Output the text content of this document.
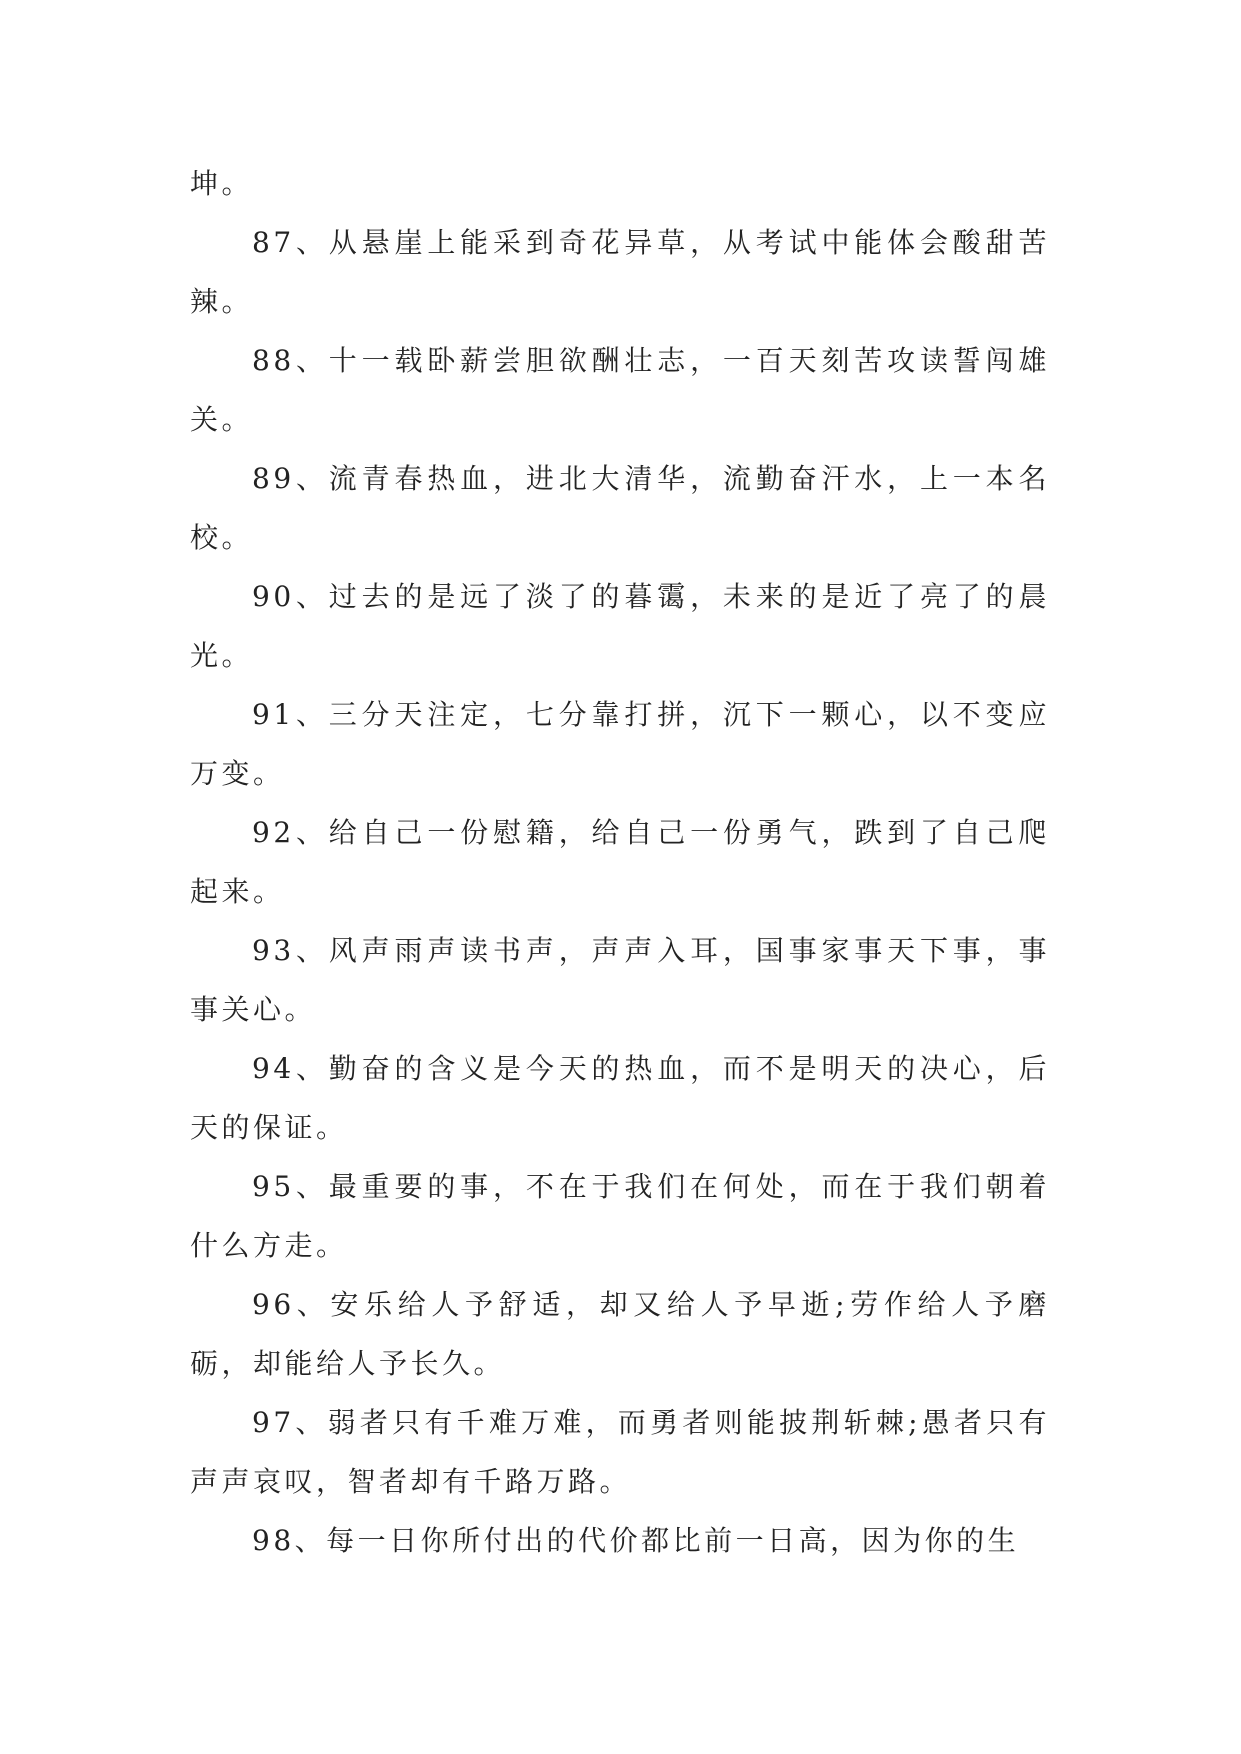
坤。

87、从悬崖上能采到奇花异草，从考试中能体会酸甜苦辣。

88、十一载卧薪尝胆欲酬壮志，一百天刻苦攻读誓闯雄关。

89、流青春热血，进北大清华，流勤奋汗水，上一本名校。

90、过去的是远了淡了的暮霭，未来的是近了亮了的晨光。

91、三分天注定，七分靠打拼，沉下一颗心，以不变应万变。

92、给自己一份慰籍，给自己一份勇气，跌到了自己爬起来。

93、风声雨声读书声，声声入耳，国事家事天下事，事事关心。

94、勤奋的含义是今天的热血，而不是明天的决心，后天的保证。

95、最重要的事，不在于我们在何处，而在于我们朝着什么方走。

96、安乐给人予舒适，却又给人予早逝;劳作给人予磨砺，却能给人予长久。

97、弱者只有千难万难，而勇者则能披荆斩棘;愚者只有声声哀叹，智者却有千路万路。

98、每一日你所付出的代价都比前一日高，因为你的生
